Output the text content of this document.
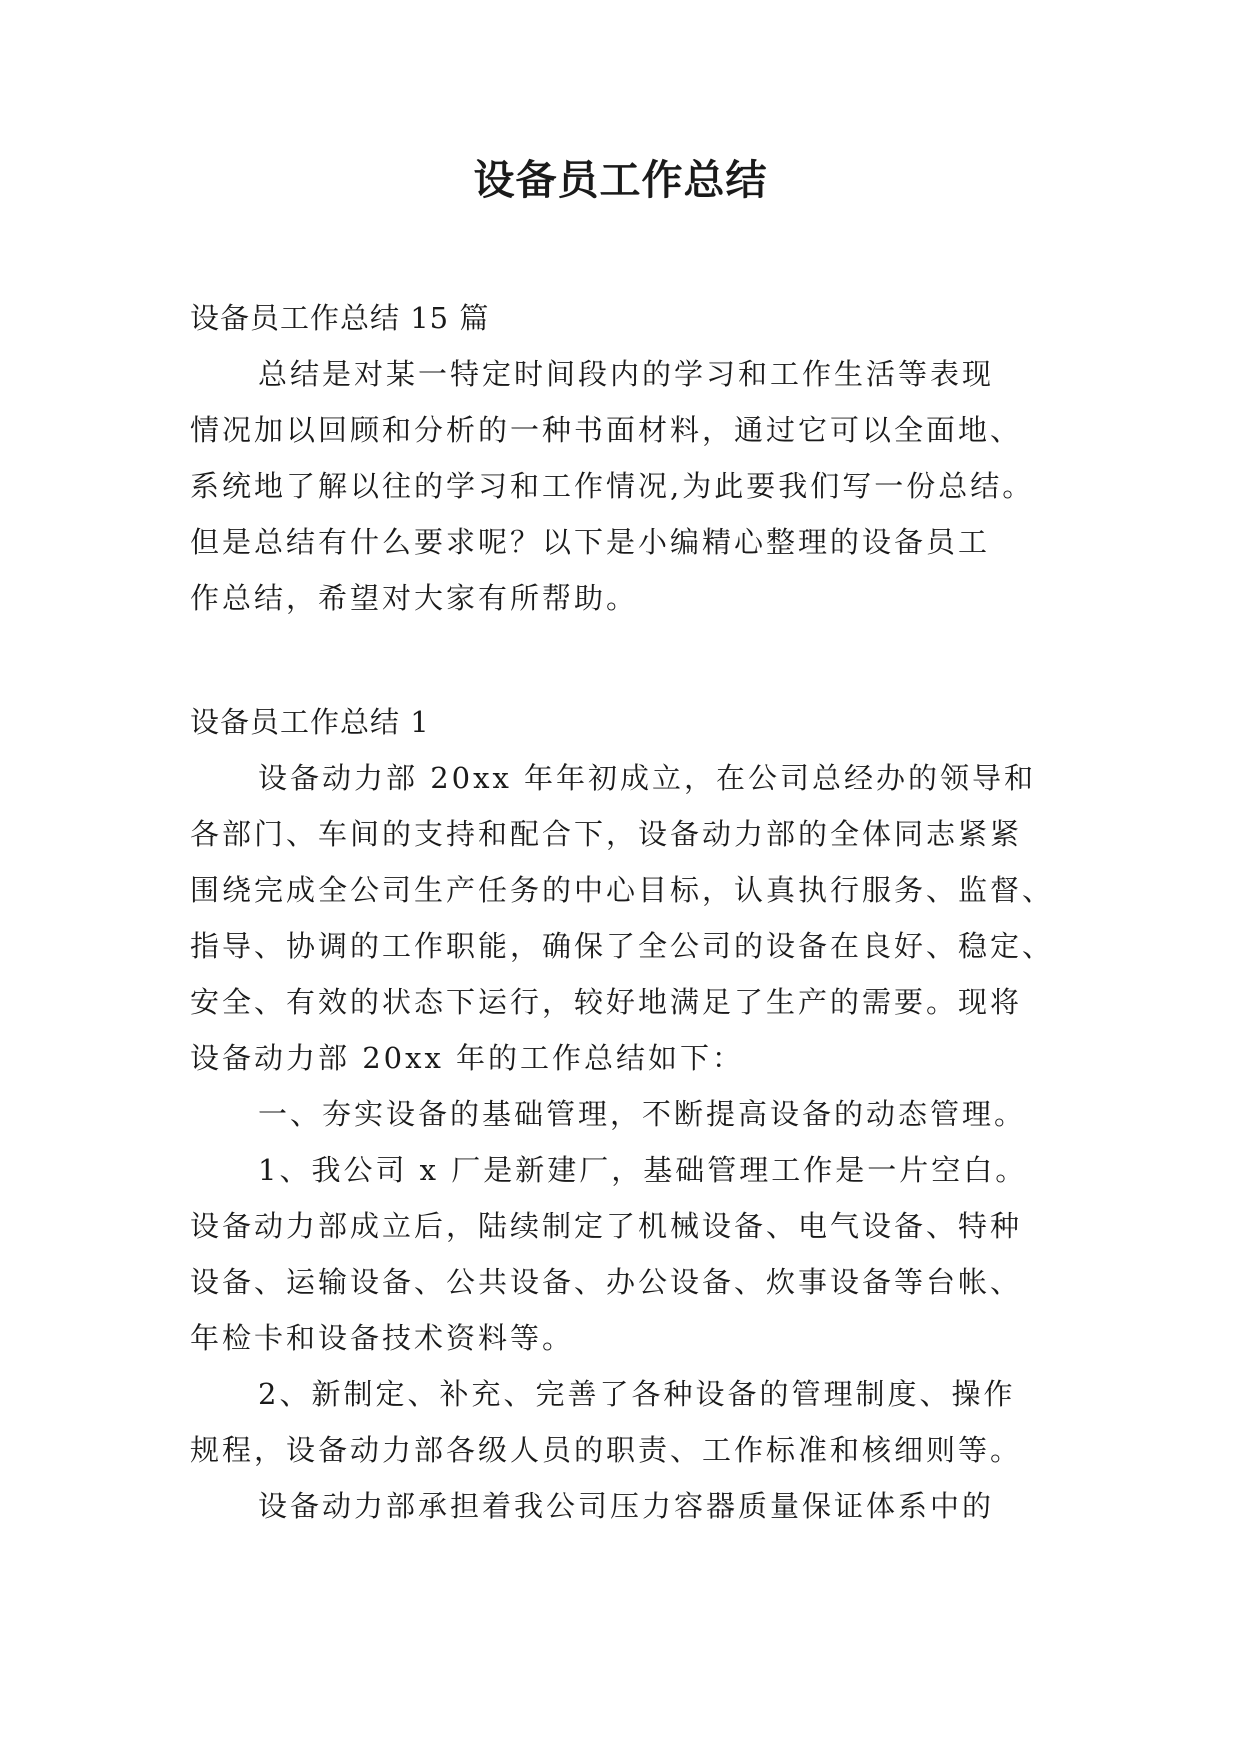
设备员工作总结
设备员工作总结 15 篇
总结是对某一特定时间段内的学习和工作生活等表现
情况加以回顾和分析的一种书面材料，通过它可以全面地、
系统地了解以往的学习和工作情况,为此要我们写一份总结。
但是总结有什么要求呢？以下是小编精心整理的设备员工
作总结，希望对大家有所帮助。
设备员工作总结 1
设备动力部 20xx 年年初成立，在公司总经办的领导和
各部门、车间的支持和配合下，设备动力部的全体同志紧紧
围绕完成全公司生产任务的中心目标，认真执行服务、监督、
指导、协调的工作职能，确保了全公司的设备在良好、稳定、
安全、有效的状态下运行，较好地满足了生产的需要。现将
设备动力部 20xx 年的工作总结如下：
一、夯实设备的基础管理，不断提高设备的动态管理。
1、我公司 x 厂是新建厂，基础管理工作是一片空白。
设备动力部成立后，陆续制定了机械设备、电气设备、特种
设备、运输设备、公共设备、办公设备、炊事设备等台帐、
年检卡和设备技术资料等。
2、新制定、补充、完善了各种设备的管理制度、操作
规程，设备动力部各级人员的职责、工作标准和核细则等。
设备动力部承担着我公司压力容器质量保证体系中的
